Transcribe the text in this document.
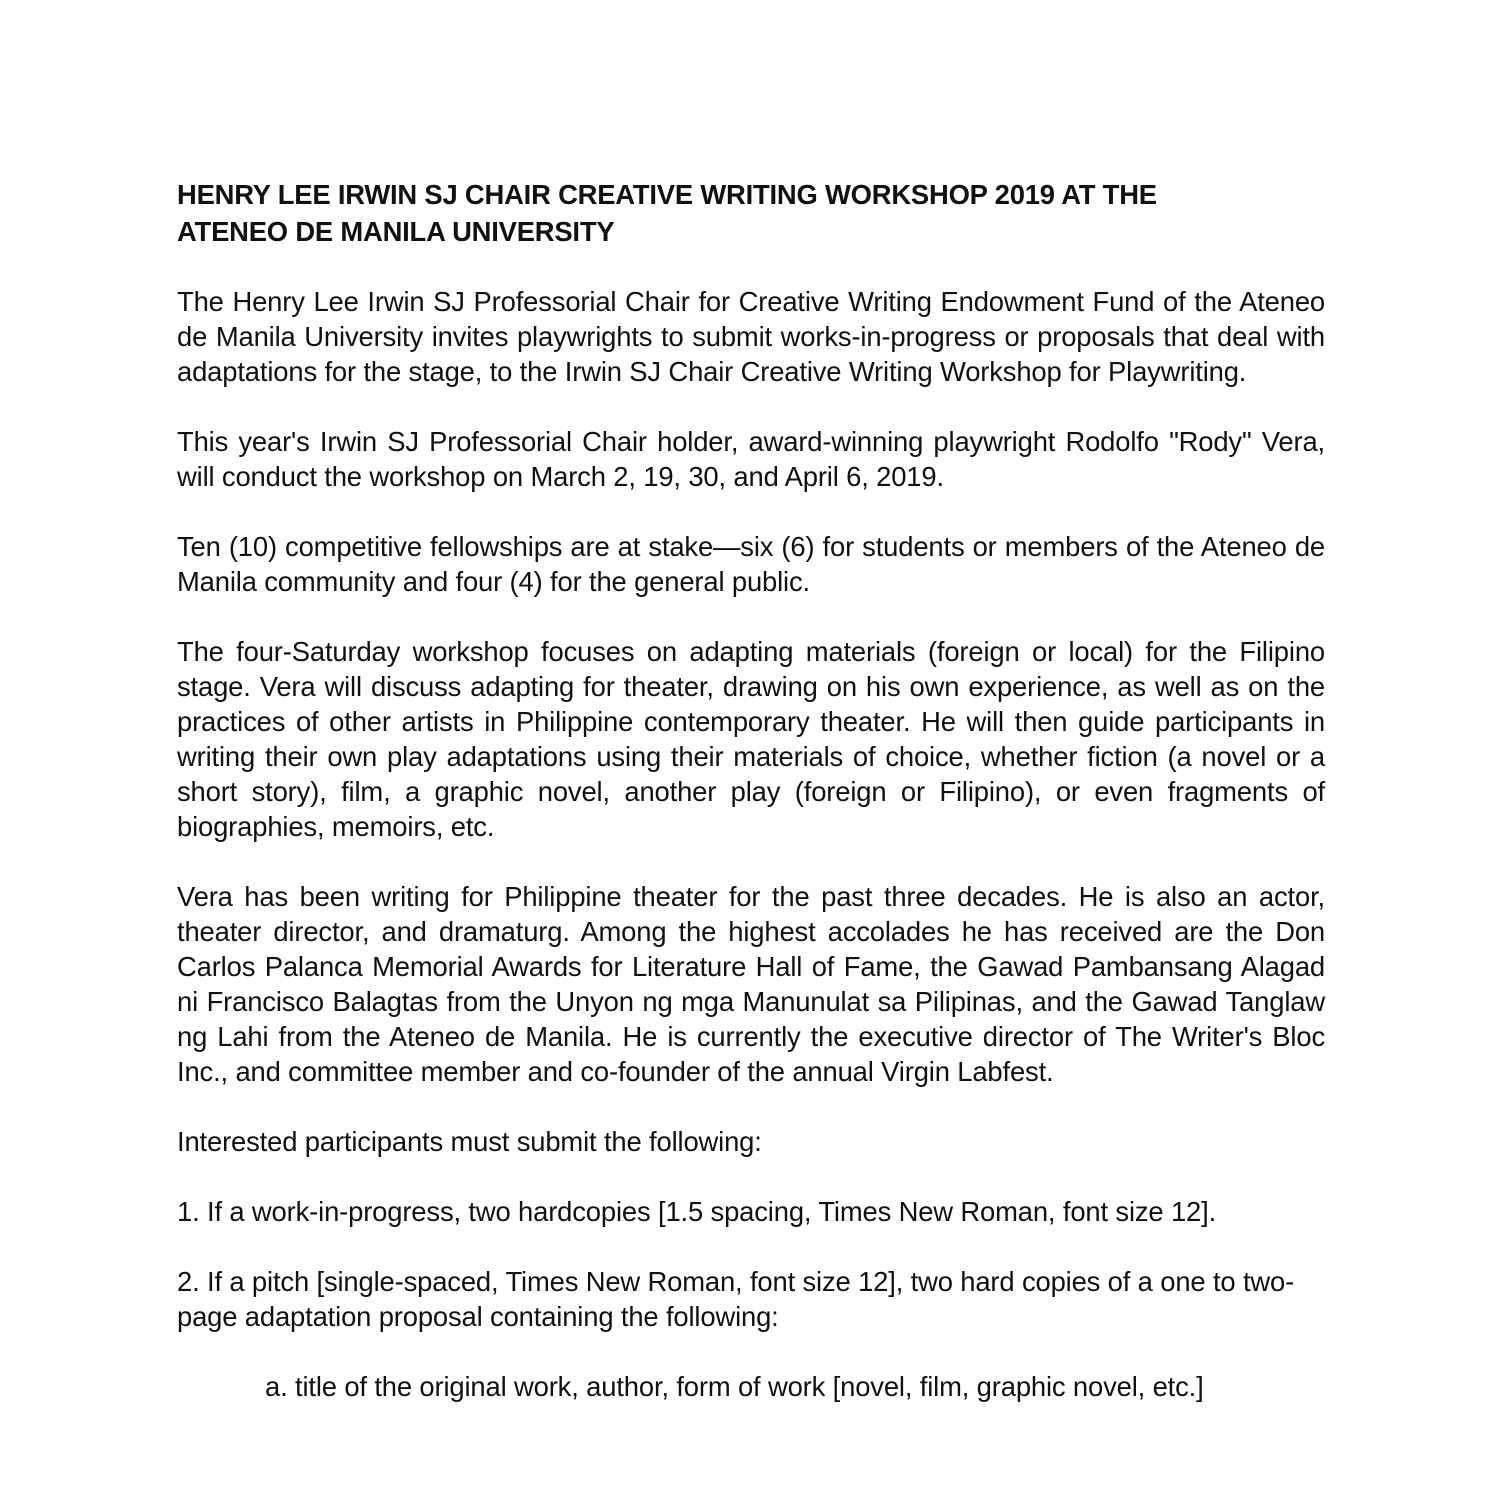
HENRY LEE IRWIN SJ CHAIR CREATIVE WRITING WORKSHOP 2019 AT THE
ATENEO DE MANILA UNIVERSITY

The Henry Lee Irwin SJ Professorial Chair for Creative Writing Endowment Fund of the Ateneo de Manila University invites playwrights to submit works-in-progress or proposals that deal with adaptations for the stage, to the Irwin SJ Chair Creative Writing Workshop for Playwriting.

This year's Irwin SJ Professorial Chair holder, award-winning playwright Rodolfo "Rody" Vera, will conduct the workshop on March 2, 19, 30, and April 6, 2019.

Ten (10) competitive fellowships are at stake—six (6) for students or members of the Ateneo de Manila community and four (4) for the general public.

The four-Saturday workshop focuses on adapting materials (foreign or local) for the Filipino stage. Vera will discuss adapting for theater, drawing on his own experience, as well as on the practices of other artists in Philippine contemporary theater. He will then guide participants in writing their own play adaptations using their materials of choice, whether fiction (a novel or a short story), film, a graphic novel, another play (foreign or Filipino), or even fragments of biographies, memoirs, etc.

Vera has been writing for Philippine theater for the past three decades. He is also an actor, theater director, and dramaturg. Among the highest accolades he has received are the Don Carlos Palanca Memorial Awards for Literature Hall of Fame, the Gawad Pambansang Alagad ni Francisco Balagtas from the Unyon ng mga Manunulat sa Pilipinas, and the Gawad Tanglaw ng Lahi from the Ateneo de Manila. He is currently the executive director of The Writer's Bloc Inc., and committee member and co-founder of the annual Virgin Labfest.

Interested participants must submit the following:

1. If a work-in-progress, two hardcopies [1.5 spacing, Times New Roman, font size 12].

2. If a pitch [single-spaced, Times New Roman, font size 12], two hard copies of a one to two-page adaptation proposal containing the following:

a. title of the original work, author, form of work [novel, film, graphic novel, etc.]
